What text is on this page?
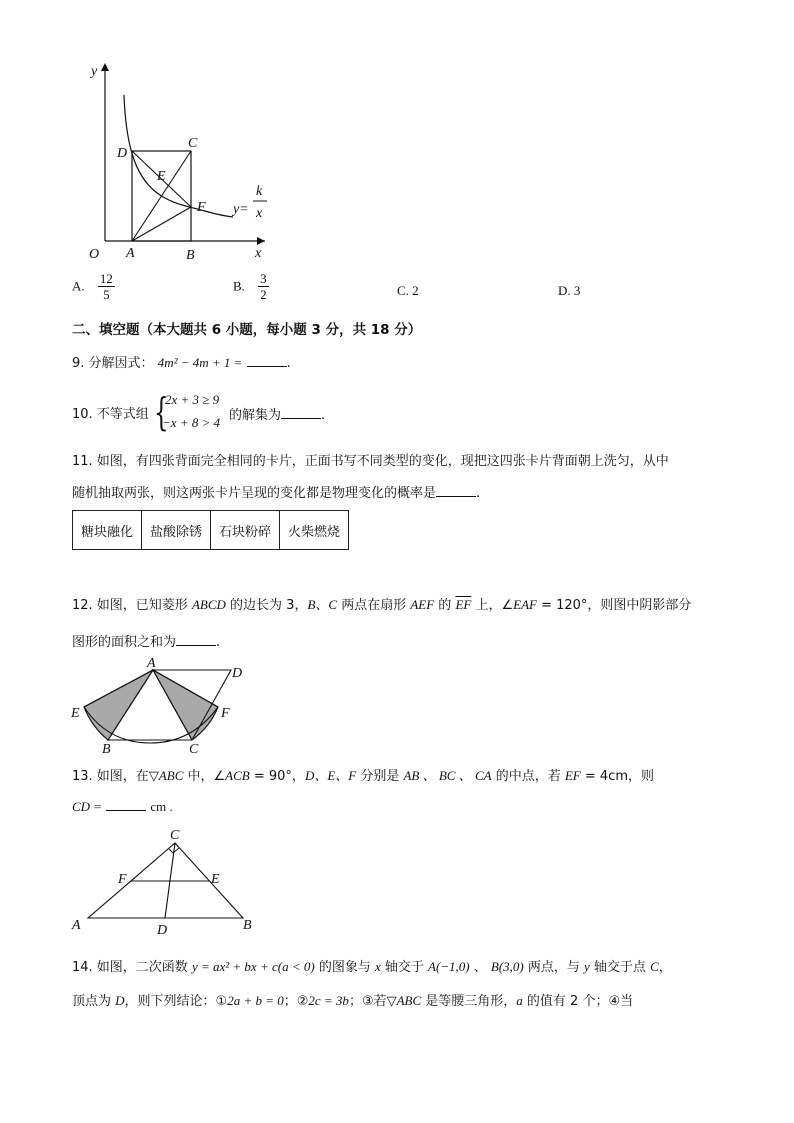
y
x
O A	B
C
D
E
F y=
k
x
A. $\frac{12}{5}$	B. $\frac{3}{2}$	C. 2	D. 3
二、填空题（本大题共 6 小题，每小题 3 分，共 18 分）
9. 分解因式： 4m² − 4m + 1 =	.
10. 不等式组 {
2x + 3 ≥ 9
−x + 8 > 4 的解集为	.
11. 如图，有四张背面完全相同的卡片，正面书写不同类型的变化，现把这四张卡片背面朝上洗匀，从中
随机抽取两张，则这两张卡片呈现的变化都是物理变化的概率是	.
糖块融化	盐酸除锈	石块粉碎	火柴燃烧
12. 如图，已知菱形 ABCD 的边长为 3，B、C 两点在扇形 AEF 的 $\overline{EF}$ 上，∠EAF = 120°，则图中阴影部分
图形的面积之和为	.
A
D
E	F
B	C
13. 如图，在▽ABC 中，∠ACB = 90°，D、E、F 分别是 AB 、 BC 、 CA 的中点，若 EF = 4cm，则
CD =	cm .
C
F	E
A	B
D
14. 如图，二次函数 y = ax² + bx + c(a < 0) 的图象与 x 轴交于 A(−1,0) 、 B(3,0) 两点，与 y 轴交于点 C，
顶点为 D，则下列结论：①2a + b = 0；②2c = 3b；③若▽ABC 是等腰三角形，a 的值有 2 个；④当
